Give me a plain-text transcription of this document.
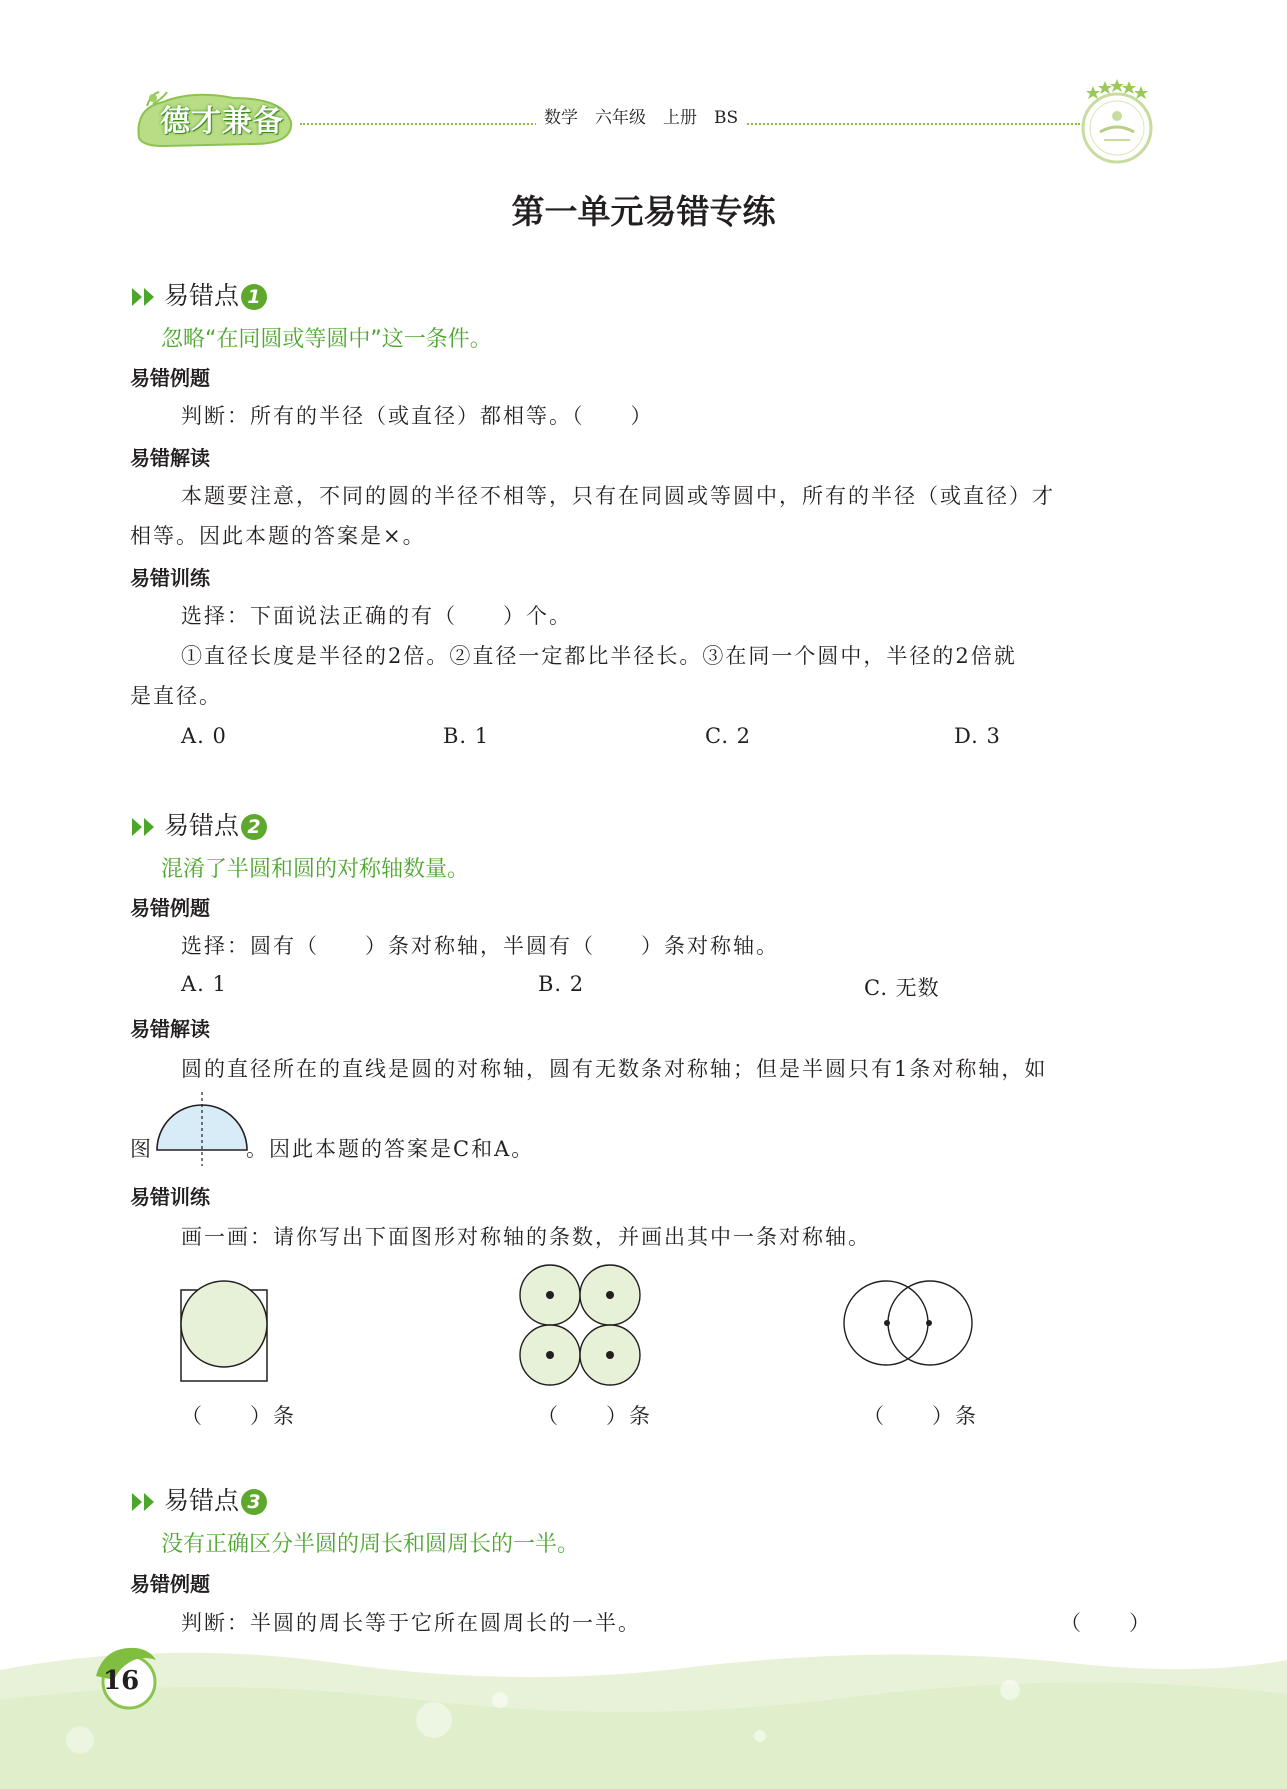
德才兼备	数学　六年级　上册　BS
第一单元易错专练
易错点 1
忽略“在同圆或等圆中”这一条件。
易错例题
判断：所有的半径（或直径）都相等。（　　）
易错解读
本题要注意，不同的圆的半径不相等，只有在同圆或等圆中，所有的半径（或直径）才
相等。因此本题的答案是×。
易错训练
选择：下面说法正确的有（　　）个。
①直径长度是半径的2倍。②直径一定都比半径长。③在同一个圆中，半径的2倍就
是直径。
A. 0	B. 1	C. 2	D. 3
易错点 2
混淆了半圆和圆的对称轴数量。
易错例题
选择：圆有（　　）条对称轴，半圆有（　　）条对称轴。
A. 1	B. 2	C. 无数
易错解读
圆的直径所在的直线是圆的对称轴，圆有无数条对称轴；但是半圆只有1条对称轴，如
图	。因此本题的答案是C和A。
易错训练
画一画：请你写出下面图形对称轴的条数，并画出其中一条对称轴。
（　　）条	（　　）条	（　　）条
易错点 3
没有正确区分半圆的周长和圆周长的一半。
易错例题
判断：半圆的周长等于它所在圆周长的一半。	（　　）
16
